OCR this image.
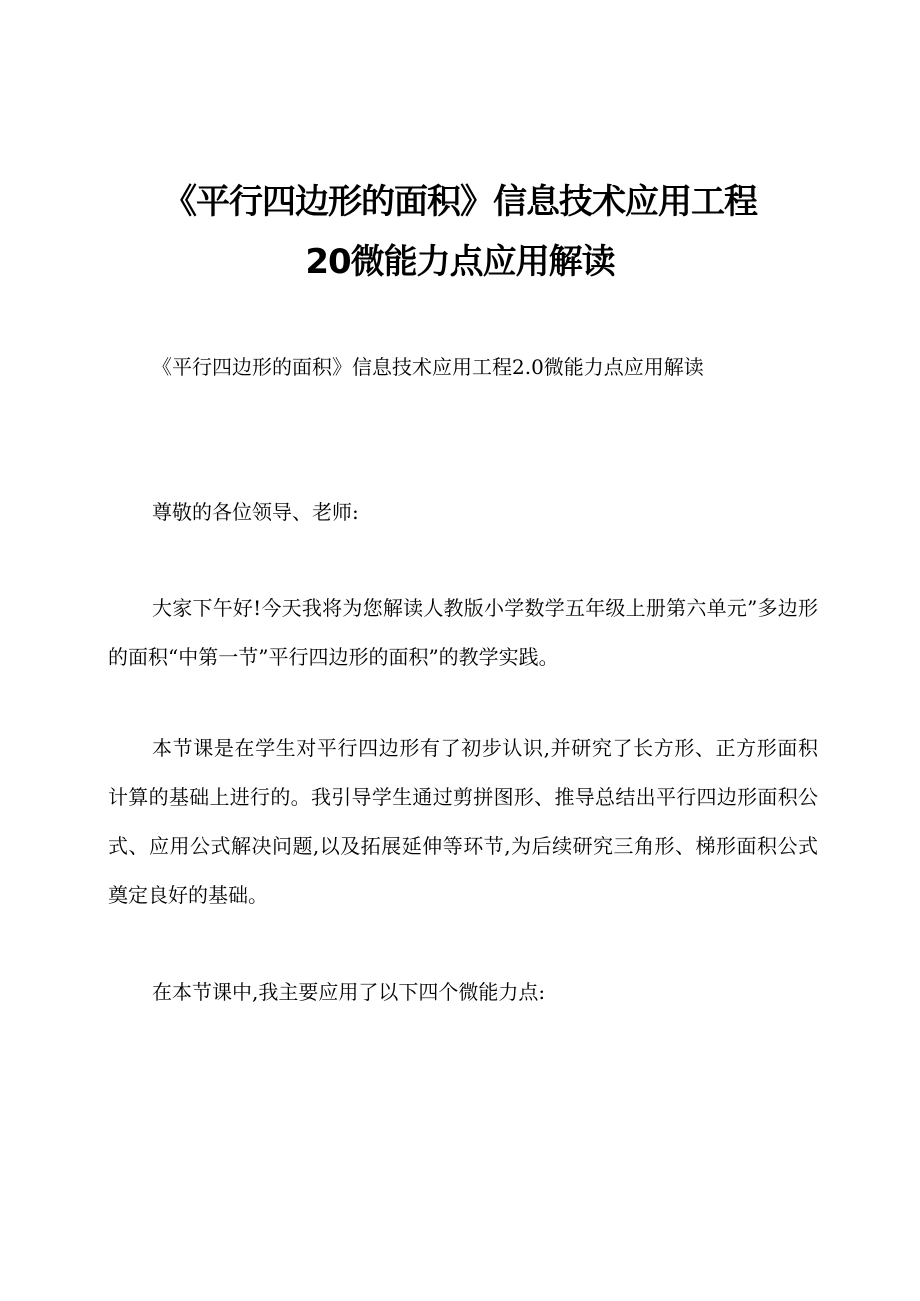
《平行四边形的面积》信息技术应用工程
20微能力点应用解读
《平行四边形的面积》信息技术应用工程2.0微能力点应用解读
尊敬的各位领导、老师:
大家下午好!今天我将为您解读人教版小学数学五年级上册第六单元”多边形的面积“中第一节”平行四边形的面积”的教学实践。
本节课是在学生对平行四边形有了初步认识,并研究了长方形、正方形面积计算的基础上进行的。我引导学生通过剪拼图形、推导总结出平行四边形面积公式、应用公式解决问题,以及拓展延伸等环节,为后续研究三角形、梯形面积公式奠定良好的基础。
在本节课中,我主要应用了以下四个微能力点:
